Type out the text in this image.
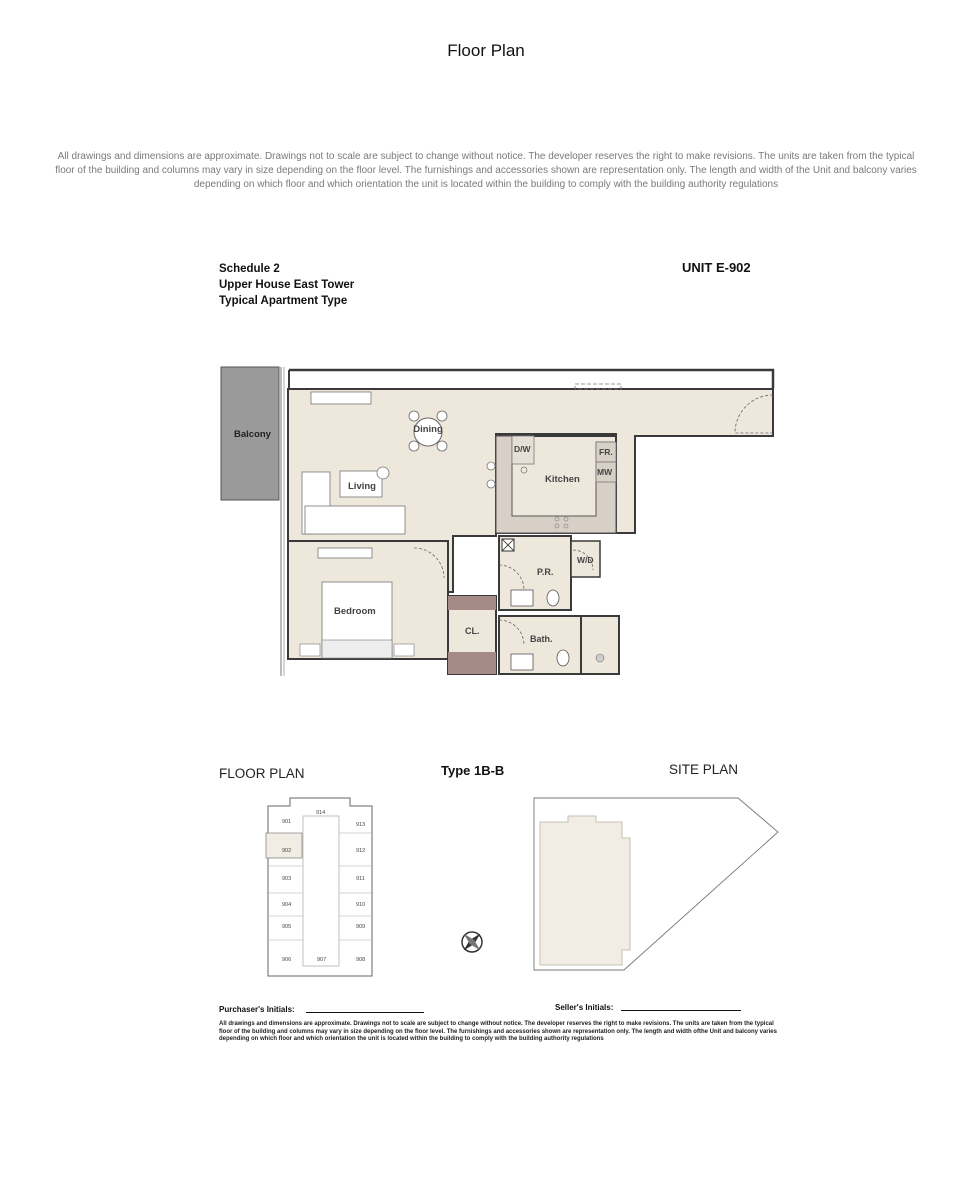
Floor Plan
All drawings and dimensions are approximate. Drawings not to scale are subject to change without notice. The developer reserves the right to make revisions. The units are taken from the typical floor of the building and columns may vary in size depending on the floor level. The furnishings and accessories shown are representation only. The length and width of the Unit and balcony varies depending on which floor and which orientation the unit is located within the building to comply with the building authority regulations
Schedule 2
Upper House East Tower
Typical Apartment Type
UNIT E-902
Balcony	Dining
Living
Kitchen
D/W	FR.
MW
W/D
P.R.
Bedroom
CL.
Bath.
FLOOR PLAN	Type 1B-B	SITE PLAN
914
901	913
902	912
903	911
904	910
905	909
906	907	908
Purchaser's Initials:	Seller's Initials:
All drawings and dimensions are approximate. Drawings not to scale are subject to change without notice. The developer reserves the right to make revisions. The units are taken from the typical floor of the building and columns may vary in size depending on the floor level. The furnishings and accessories shown are representation only. The length and width ofthe Unit and balcony varies depending on which floor and which orientation the unit is located within the building to comply with the building authority regulations
